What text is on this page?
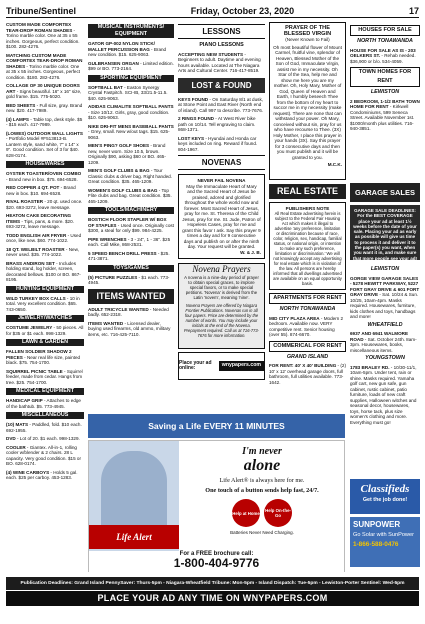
Tribune/Sentinel	Friday, October 23, 2020	17
CUSTOM MADE COMFORTEX TEAR-DROP ROMAN SHADES - Torino marble color. One at 35 x 55 inches. Gorgeous, perfect condition. $100. 282-4276.
MATCHING CUSTOM MADE COMFORTEX TEAR-DROP ROMAN SHADES - Torino marble color. One at 35 x 55 inches. Gorgeous, perfect condition. $180. 282-4276.
COLLAGE OF 30 UNIQUE DOORS ART - Signs beautiful. 16" x 16" size, gold frame. $15. 775-5020.
BED SHEETS - Full size, gray. Brand new. $20. 417-7989.
(4) LAMPS - Table top, desk style. $5 - $15 each. 417-7989.
(LOWES) OUTDOOR WALL LIGHTS - Portfolio Model #F513813-B. Lantern style, sand white, 7" x 14" x 9". Good condition. Set of 3 for $40. 628-0174.
HOUSEWARES
OYSTER TOASTER/OVEN COMBO - Brand new in box. $75. 694-6528.
RED COPPER 4 QT. POT - Brand new in box. $10. 694-6528.
RIVAL ROASTER - 20 qt. used once. $20. 693-3272, leave message.
HEATON CAKE DECORATING ITEMS - Tips, pans, & more. $20. 693-3272, leave message.
TODD ENGLISH AIR FRYER - Used once, like new. $60. 774-1022.
18 QT. WELBILT ROASTER - New, never used. $35. 774-1022.
BRASS ANDIRON SET - Includes holding stand, log holder, screen, decorated bellows. $100 or BO. 867-8195.
HUNTING EQUIPMENT
WILD TURKEY BOX CALLS - 10 in total. Very excellent condition. $65. 743-0650.
JEWELRY/WATCHES
COSTUME JEWELRY - 50 pieces. All for $35 or $1 each. 998-1329.
LAWN & GARDEN
FALLEN SOLDIER SHADOW 2 PIECES - Near real life size, painted black. $75. 754-1700.
SQUIRREL PICNIC TABLE - Squirrel feeder, made from cedar. Hangs from tree. $25. 754-1700.
MEDICAL EQUIPMENT
HANDICAP GRIP - Attaches to edge of the bathtub. $5. 773-4945.
MISCELLANEOUS
(10) MATS - Paddled, fold. $10 each. 692-1955.
DVD - Lot of 20. $1 each. 998-1329.
COOLER - Giantex. All-in-1, rolling cooler w/blender & 2 chairs. 28 L capacity. Very good condition. $15 or BO. 628-0174.
(4) WINE CARBOYS - Holds 5 gal. each. $25 per carboy. 453-1283.
MUSICAL INSTRUMENTS/ EQUIPMENT
GATOR GP-002 NYLON STICK/ MALLET PERCUSSION BAG - Brand new condition. $15. 625-9063.
GULBRANSEN ORGAN - Limited edition. $99 or BO. 773-2164.
SPORTING EQUIPMENT
SOFTBALL BAT - Easton Synergy Crystal Fastpitch. SCI-IB, 33/21.5-11.5. $40. 625-9063.
ADIDAS CLIMALITE SOFTBALL PANTS - Size 10/12. Girls, gray, good condition. $10. 625-9063.
NIKE DRI-FIT MENS BASEBALL PANTS - Grey, small. New w/out tags. $15. 625-9063.
MEN'S PING? GOLF SHOES - Brand new, never worn. Size 10.5, brown. Originally $90, asking $60 or BO. 465-1209.
MEN'S GOLF CLUBS & BAG - Tour Classic clubs & driver bag. Right handed. Great condition. $35. 465-1209.
WOMEN'S GOLF CLUBS & BAG - Top Flite clubs and bag. Great condition. $35. 465-1209.
TOOLS/MACHINERY
BOSTICH FLOOR STAPLER W/ BOX OF STAPLES - Used once. Originally cost $300, a steal for only $99. 984-4225.
PIPE WRENCHES - 3 - 24", 1 - 36". $25 each. Call Mike, 868-2531.
5 SPEED BENCH DRILL PRESS - $25. 471-3871.
TOYS/GAMES
(5) PICTURE PUZZLES - $1 each. 773-4945.
ITEMS WANTED
ADULT TRICYCLE WANTED - Needed badly. 652-2318.
ITEMS WANTED - Licensed dealer, buying used firearms, old ammo, military items, etc. 716-425-7110.
LESSONS
PIANO LESSONS
ACCEPTING NEW STUDENTS - Beginners to adult. Daytime and evening hours available. Located at The Niagara Arts and Cultural Center. 716-417-8519.
LOST & FOUND
KEYS FOUND - On Saturday 8/1 at dusk, at Stone Point and East River (North end of island). Call 997 to describe. 773-7676.
2 RINGS FOUND - At West River bike path on 10/14. Tell engraving to claim. 868-1371.
LOST KEYS - Hyundai and Honda car keys included on ring. Reward if found. 804-1967.
NOVENAS
NEVER FAIL NOVENA
May the Immaculate Heart of Mary and the Sacred Heart of Jesus be praised, adored and glorified throughout the whole world now and forever. Most Sacred Heart of Jesus, pray for me. St. Theresa of the Child Jesus, pray for me. St. Jude, Patron of Hopeless Cases, pray for me and grant this favor I ask. Say this prayer 9 times a day and for 9 consecutive days and publish on or after the ninth day. Your request will be granted.
W. & J. B.
Novena Prayers
A novena is a nine-day period of prayer to obtain special graces, to implore special favors, or to make special petitions. 'Novena' is derived from the Latin 'novem', meaning 'nine'.
Novena Prayers are offered by Niagara Frontier Publications. Novenas run in all four papers. Price are determined by the number of words. You may include your initials at the end of the Novena. Prepayment required. Call us at 716-773-7676 for more information.
Place your ad online:	wnypapers.com
PRAYER OF THE BLESSED VIRGIN
(Never Known to Fail)
Oh most beautiful flower of Mount Carmel, fruitful vine, splendor of Heaven, Blessed Mother of the Son of God, Immaculate Virgin, assist me in my necessity. Oh Star of the Sea, help me and show me here you are my mother. Oh, Holy Mary, Mother of God, Queen of Heaven and Earth, I humbly beseech Thee from the bottom of my heart to succor me in my necessity (make request). There are none that can withstand your power. Oh Mary, conceived without sin, pray for us who have recourse to Thee. (3X) Holy Mother, I place this prayer in your hands (3X). Say this prayer for 3 consecutive days and then you must publish and it will be granted to you.
M.C.K.
REAL ESTATE
PUBLISHERS NOTE
All Real Estate advertising herein is subject to the Federal Fair Housing Act which makes it illegal to advertise 'any preference, limitation or discrimination because of race, color, religion, sex, handicap, familial status, or national origin, or intention to make any such preference, limitation or discrimination.' We will not knowingly accept any advertising for real estate which is in violation of the law. All persons are hereby informed that all dwellings advertised are available on an equal opportunity basis.
APARTMENTS FOR RENT
NORTH TONAWANDA
MID CITY PLAZA AREA - Modern 2 bedroom. Available now. VERY competitive rent. Senior housing (over 55). 874-6670.
COMMERICAL FOR RENT
GRAND ISLAND
FOR RENT: 40' X 40' BUILDING - (2) 10' x 12' overhead garage doors, full bathroom, full utilities available. 773-1642.
HOUSES FOR SALE
NORTH TONAWANDA
HOUSE FOR SALE AS IS - 203 OELKERS ST. - Rehab needed. $36,900 or b/o. 534-4059.
TOWN HOMES FOR RENT
LEWISTON
2 BEDROOM, 1-1/2 BATH TOWN HOME FOR RENT - Kirkwell Condominiums, 599 Seneca Street. Available November 1st. $1000/month plus utilities. 716-940-3851.
GARAGE SALES
GARAGE SALE DEADLINES: For the BEST COVERAGE place your ad at least 1½ weeks before the date of your sale. Placing your ad as early as possible will give us time to process it and deliver it to the paper(s) you want, when you want it in, and make sure that more people see your ad!
LEWISTON
GORGE VIEW GARAGE SALES - 5278 HEWITT PARKWAY, 5227 FORT GRAY DRIVE & 601 FORT GRAY DRIVE - Sat. 10/24 & Sun. 10/25, 10am-4pm. Masks required. Housewares, furniture, kids clothes and toys, handbags and more!
WHEATFIELD
6937 AND 6941 WALMORE ROAD - Sat. October 24th. 8am-3pm. Housewares, books, miscellaneous items.
YOUNGSTOWN
1783 BRALEY RD. - 10/30-11/1, 10am-5pm. Under tent, rain or shine. Masks required. Yamaha golf cart, new gun safe, gun cabinet, rustic cabinet, patio furniture, loads of new craft supplies, Halloween witches and seasonal decor, housewares, toys, horse tack, plus size women's clothing and more. Everything must go!
Classifieds
Get the job done!
SUNPOWER
Go Solar with SunPower
1-866-588-0476
Saving a Life EVERY 11 MINUTES
Life Alert
I'm never
alone
Life Alert® is always here for me.
One touch of a button sends help fast, 24/7.
Help at Home Help On-the-Go
Batteries Never Need Charging.
For a FREE brochure call:
1-800-404-9776
Publication Deadlines: Grand Island PennySaver: Thurs-5pm - Niagara-Wheatfield Tribune: Mon-5pm - Island Dispatch: Tue-5pm - Lewiston-Porter Sentinel: Wed-5pm
PLACE YOUR AD ANY TIME ON WNYPAPERS.COM
